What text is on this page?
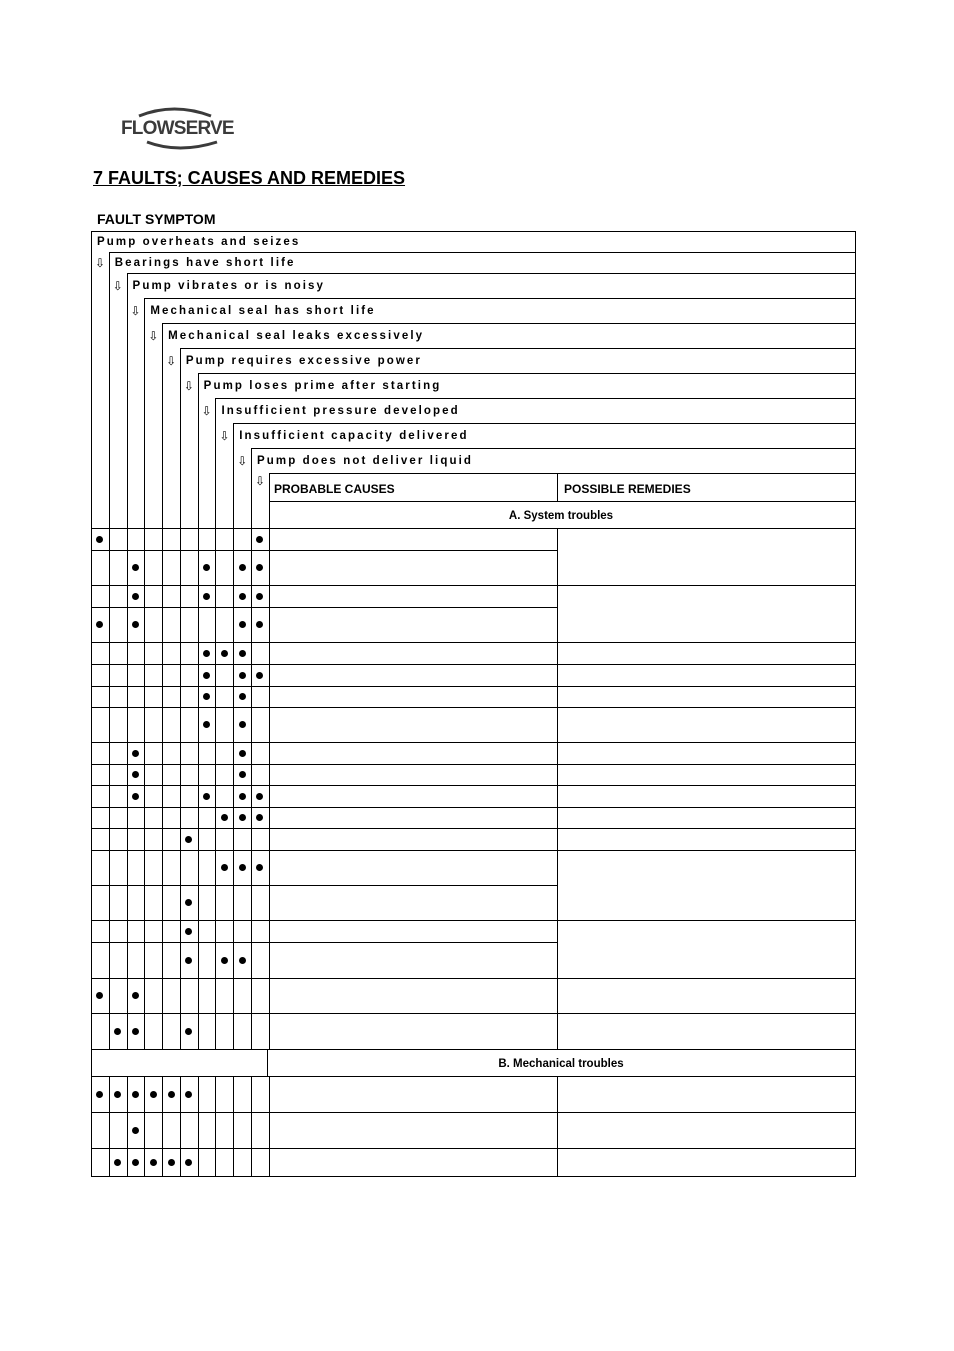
FLOWSERVE
7 FAULTS; CAUSES AND REMEDIES
FAULT SYMPTOM
Pump overheats and seizes
Bearings have short life
⇩
Pump vibrates or is noisy
⇩
Mechanical seal has short life
⇩
Mechanical seal leaks excessively
⇩
Pump requires excessive power
⇩
Pump loses prime after starting
⇩
Insufficient pressure developed
⇩
Insufficient capacity delivered
⇩
Pump does not deliver liquid
⇩
⇩
PROBABLE CAUSES	POSSIBLE REMEDIES
A. System troubles
B. Mechanical troubles
